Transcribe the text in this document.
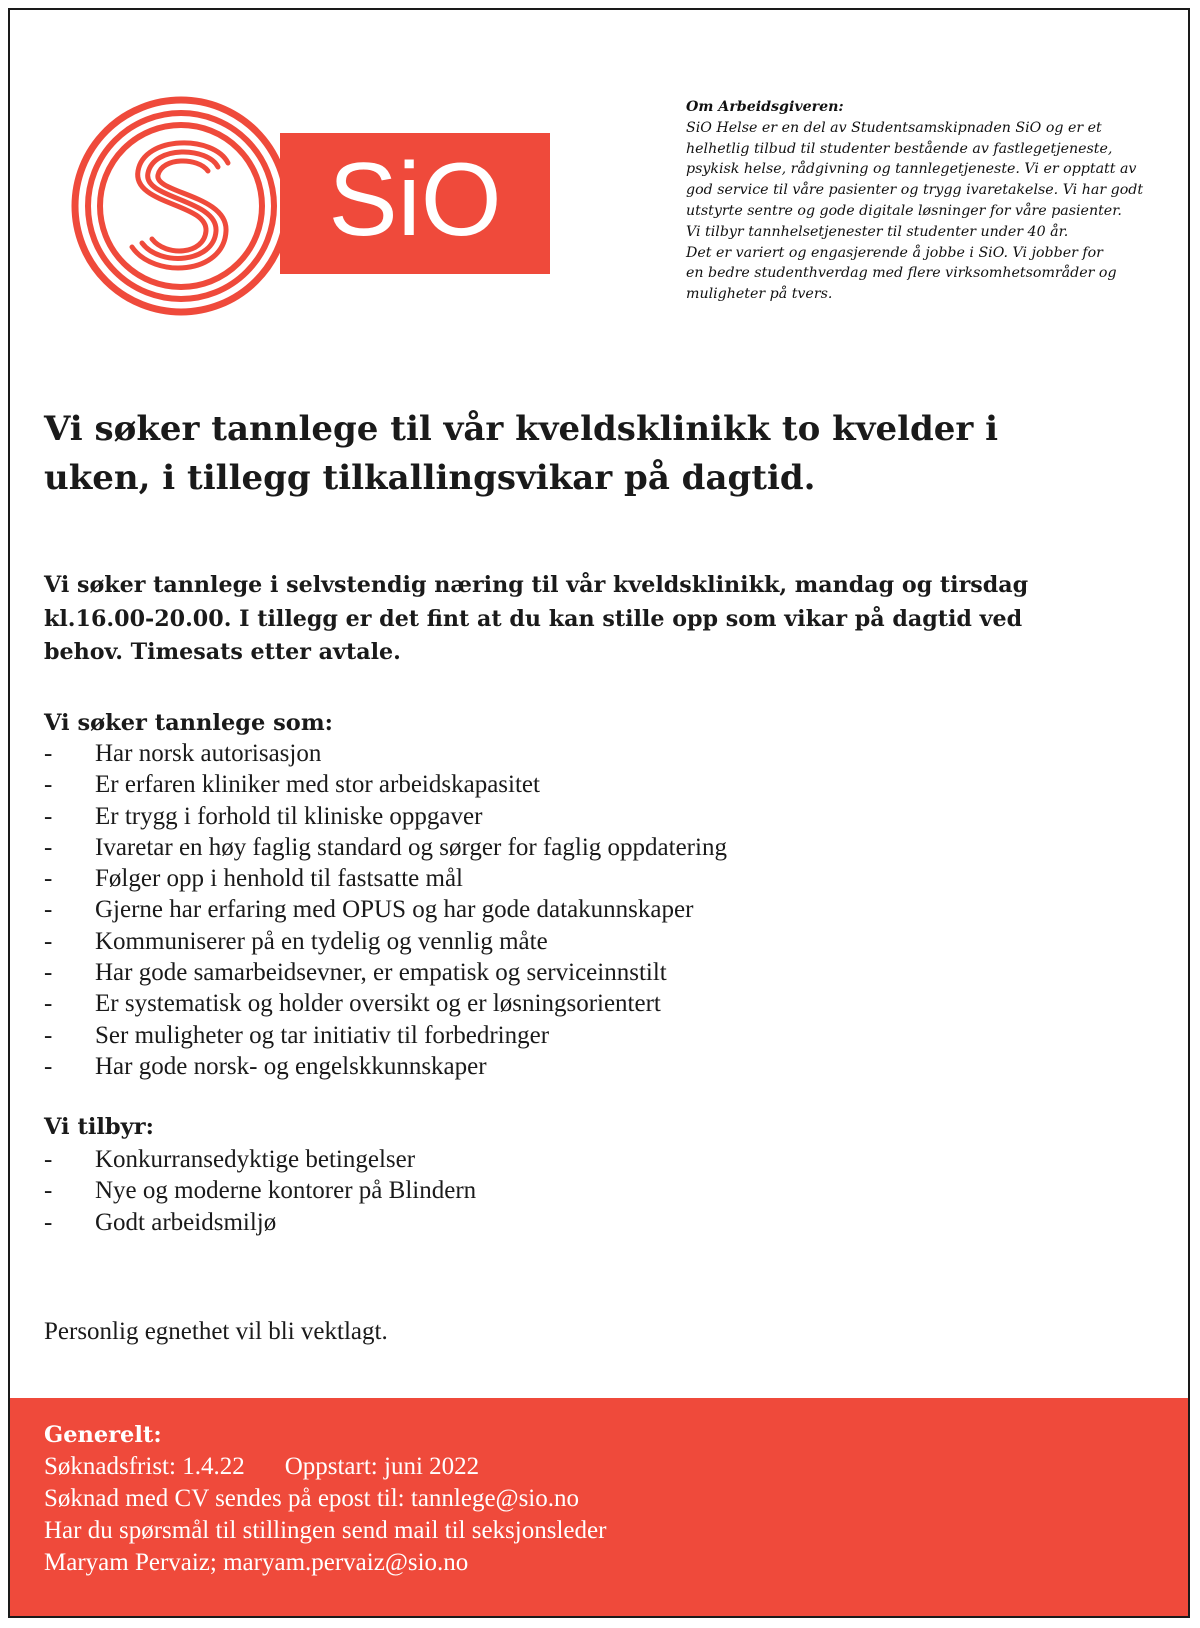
SiO

Om Arbeidsgiveren:

SiO Helse er en del av Studentsamskipnaden SiO og er et

helhetlig tilbud til studenter bestående av fastlegetjeneste,

psykisk helse, rådgivning og tannlegetjeneste. Vi er opptatt av

god service til våre pasienter og trygg ivaretakelse. Vi har godt

utstyrte sentre og gode digitale løsninger for våre pasienter.

Vi tilbyr tannhelsetjenester til studenter under 40 år.

Det er variert og engasjerende å jobbe i SiO. Vi jobber for

en bedre studenthverdag med flere virksomhetsområder og

muligheter på tvers.

Vi søker tannlege til vår kveldsklinikk to kvelder i
uken, i tillegg tilkallingsvikar på dagtid.

Vi søker tannlege i selvstendig næring til vår kveldsklinikk, mandag og tirsdag
kl.16.00-20.00. I tillegg er det fint at du kan stille opp som vikar på dagtid ved
behov. Timesats etter avtale.

Vi søker tannlege som:
- Har norsk autorisasjon
- Er erfaren kliniker med stor arbeidskapasitet
- Er trygg i forhold til kliniske oppgaver
- Ivaretar en høy faglig standard og sørger for faglig oppdatering
- Følger opp i henhold til fastsatte mål
- Gjerne har erfaring med OPUS og har gode datakunnskaper
- Kommuniserer på en tydelig og vennlig måte
- Har gode samarbeidsevner, er empatisk og serviceinnstilt
- Er systematisk og holder oversikt og er løsningsorientert
- Ser muligheter og tar initiativ til forbedringer
- Har gode norsk- og engelskkunnskaper
Vi tilbyr:
- Konkurransedyktige betingelser
- Nye og moderne kontorer på Blindern
- Godt arbeidsmiljø

Personlig egnethet vil bli vektlagt.

Generelt:

Søknadsfrist: 1.4.22 Oppstart: juni 2022

Søknad med CV sendes på epost til: tannlege@sio.no

Har du spørsmål til stillingen send mail til seksjonsleder

Maryam Pervaiz; maryam.pervaiz@sio.no
